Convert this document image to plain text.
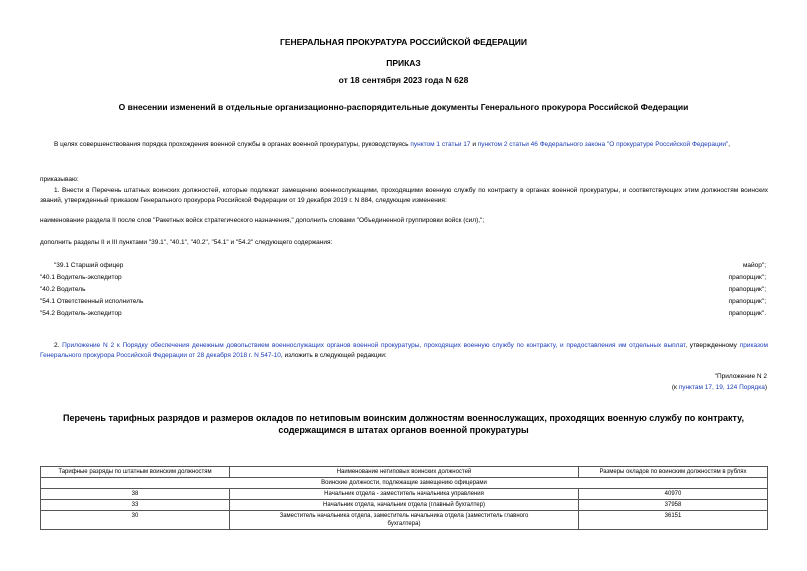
ГЕНЕРАЛЬНАЯ ПРОКУРАТУРА РОССИЙСКОЙ ФЕДЕРАЦИИ
ПРИКАЗ
от 18 сентября 2023 года N 628
О внесении изменений в отдельные организационно-распорядительные документы Генерального прокурора Российской Федерации
В целях совершенствования порядка прохождения военной службы в органах военной прокуратуры, руководствуясь пунктом 1 статьи 17 и пунктом 2 статьи 46 Федерального закона "О прокуратуре Российской Федерации",
приказываю:
1. Внести в Перечень штатных воинских должностей, которые подлежат замещению военнослужащими, проходящими военную службу по контракту в органах военной прокуратуры, и соответствующих этим должностям воинских званий, утвержденный приказом Генерального прокурора Российской Федерации от 19 декабря 2019 г. N 884, следующие изменения:
наименование раздела II после слов "Ракетных войск стратегического назначения," дополнить словами "Объединенной группировки войск (сил),";
дополнить разделы II и III пунктами "39.1", "40.1", "40.2", "54.1" и "54.2" следующего содержания:
"39.1 Старший офицер	майор";
"40.1 Водитель-экспедитор	прапорщик";
"40.2 Водитель	прапорщик";
"54.1 Ответственный исполнитель	прапорщик";
"54.2 Водитель-экспедитор	прапорщик".
2. Приложение N 2 к Порядку обеспечения денежным довольствием военнослужащих органов военной прокуратуры, проходящих военную службу по контракту, и предоставления им отдельных выплат, утвержденному приказом Генерального прокурора Российской Федерации от 28 декабря 2018 г. N 547-10, изложить в следующей редакции:
"Приложение N 2
(к пунктам 17, 19, 124 Порядка)
Перечень тарифных разрядов и размеров окладов по нетиповым воинским должностям военнослужащих, проходящих военную службу по контракту, содержащимся в штатах органов военной прокуратуры
Тарифные разряды по штатным воинским должностям	Наименование нетиповых воинских должностей	Размеры окладов по воинским должностям в рублях
Воинские должности, подлежащие замещению офицерами		
38	Начальник отдела - заместитель начальника управления	40970
33	Начальник отдела, начальник отдела (главный бухгалтер)	37958
30	Заместитель начальника отдела, заместитель начальника отдела (заместитель главного бухгалтера)	36151
